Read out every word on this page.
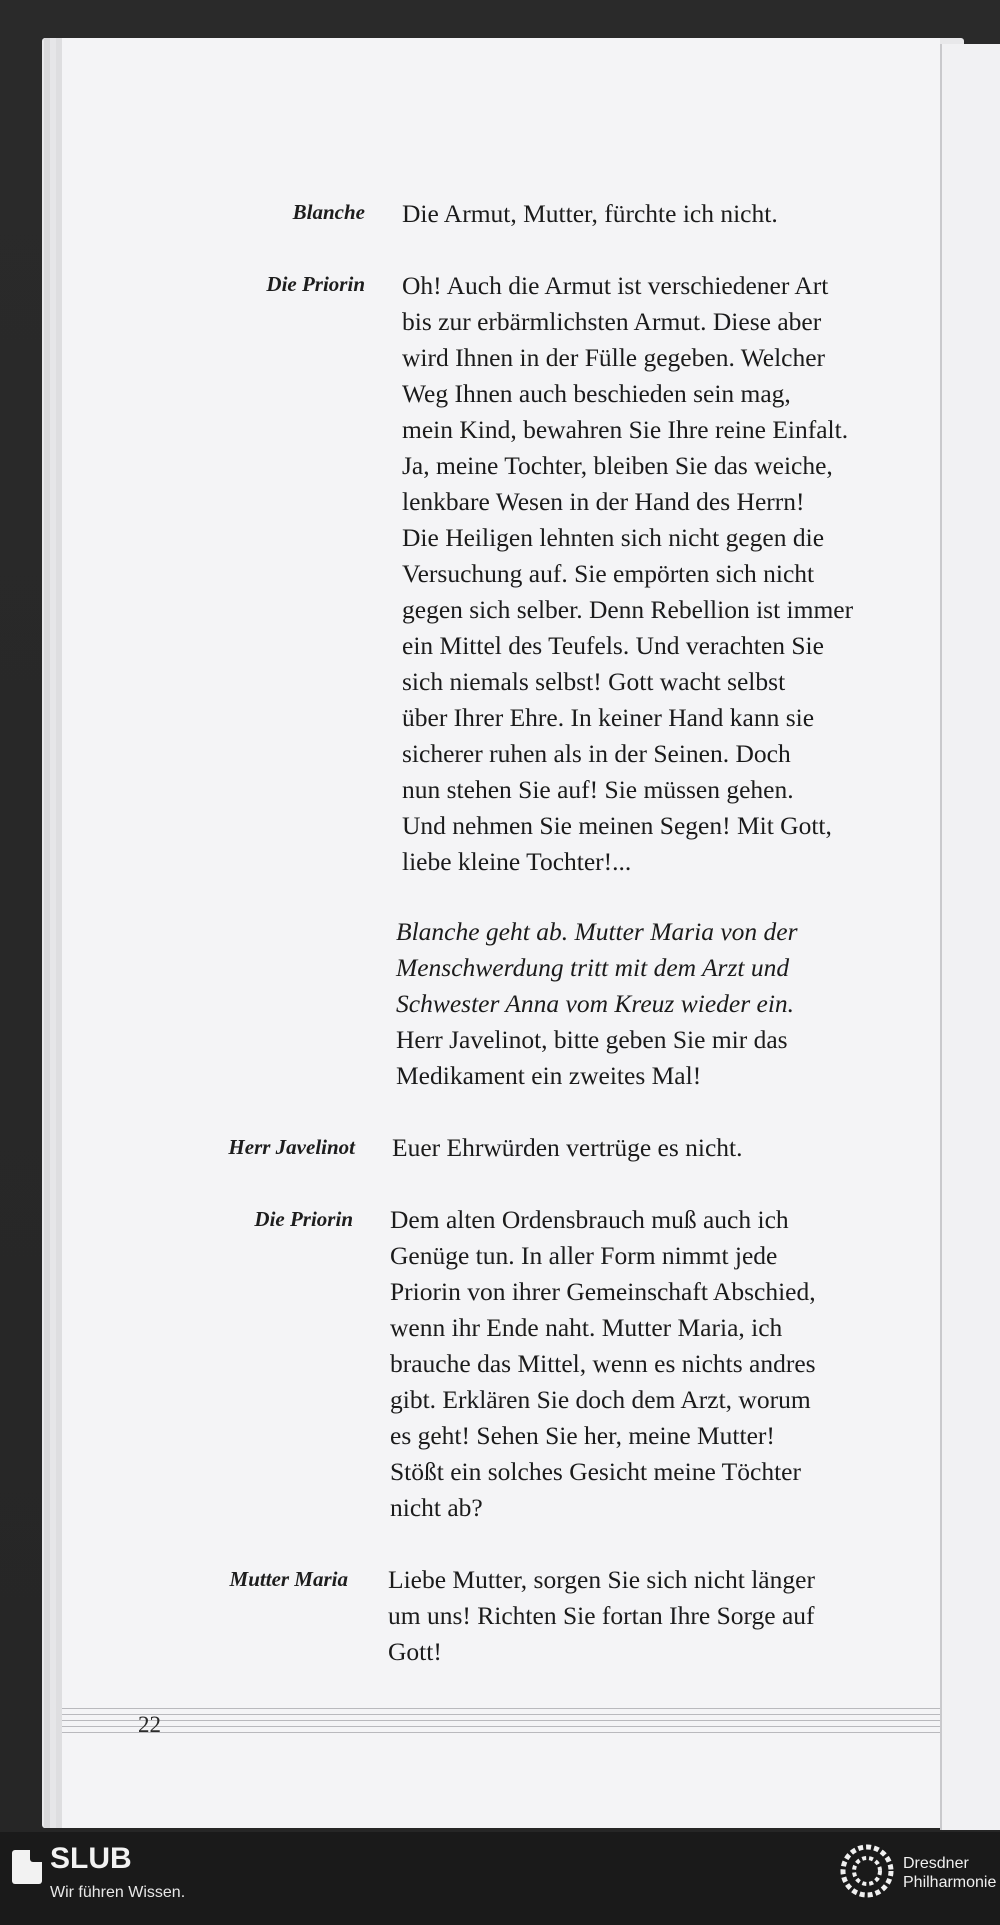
Blanche Die Armut, Mutter, fürchte ich nicht.
Die Priorin Oh! Auch die Armut ist verschiedener Art
bis zur erbärmlichsten Armut. Diese aber
wird Ihnen in der Fülle gegeben. Welcher
Weg Ihnen auch beschieden sein mag,
mein Kind, bewahren Sie Ihre reine Einfalt.
Ja, meine Tochter, bleiben Sie das weiche,
lenkbare Wesen in der Hand des Herrn!
Die Heiligen lehnten sich nicht gegen die
Versuchung auf. Sie empörten sich nicht
gegen sich selber. Denn Rebellion ist immer
ein Mittel des Teufels. Und verachten Sie
sich niemals selbst! Gott wacht selbst
über Ihrer Ehre. In keiner Hand kann sie
sicherer ruhen als in der Seinen. Doch
nun stehen Sie auf! Sie müssen gehen.
Und nehmen Sie meinen Segen! Mit Gott,
liebe kleine Tochter!...
Blanche geht ab. Mutter Maria von der
Menschwerdung tritt mit dem Arzt und
Schwester Anna vom Kreuz wieder ein.
Herr Javelinot, bitte geben Sie mir das
Medikament ein zweites Mal!
Herr Javelinot Euer Ehrwürden vertrüge es nicht.
Die Priorin Dem alten Ordensbrauch muß auch ich
Genüge tun. In aller Form nimmt jede
Priorin von ihrer Gemeinschaft Abschied,
wenn ihr Ende naht. Mutter Maria, ich
brauche das Mittel, wenn es nichts andres
gibt. Erklären Sie doch dem Arzt, worum
es geht! Sehen Sie her, meine Mutter!
Stößt ein solches Gesicht meine Töchter
nicht ab?
Mutter Maria Liebe Mutter, sorgen Sie sich nicht länger
um uns! Richten Sie fortan Ihre Sorge auf
Gott!
22
SLUB
Wir führen Wissen.
Dresdner
Philharmonie
